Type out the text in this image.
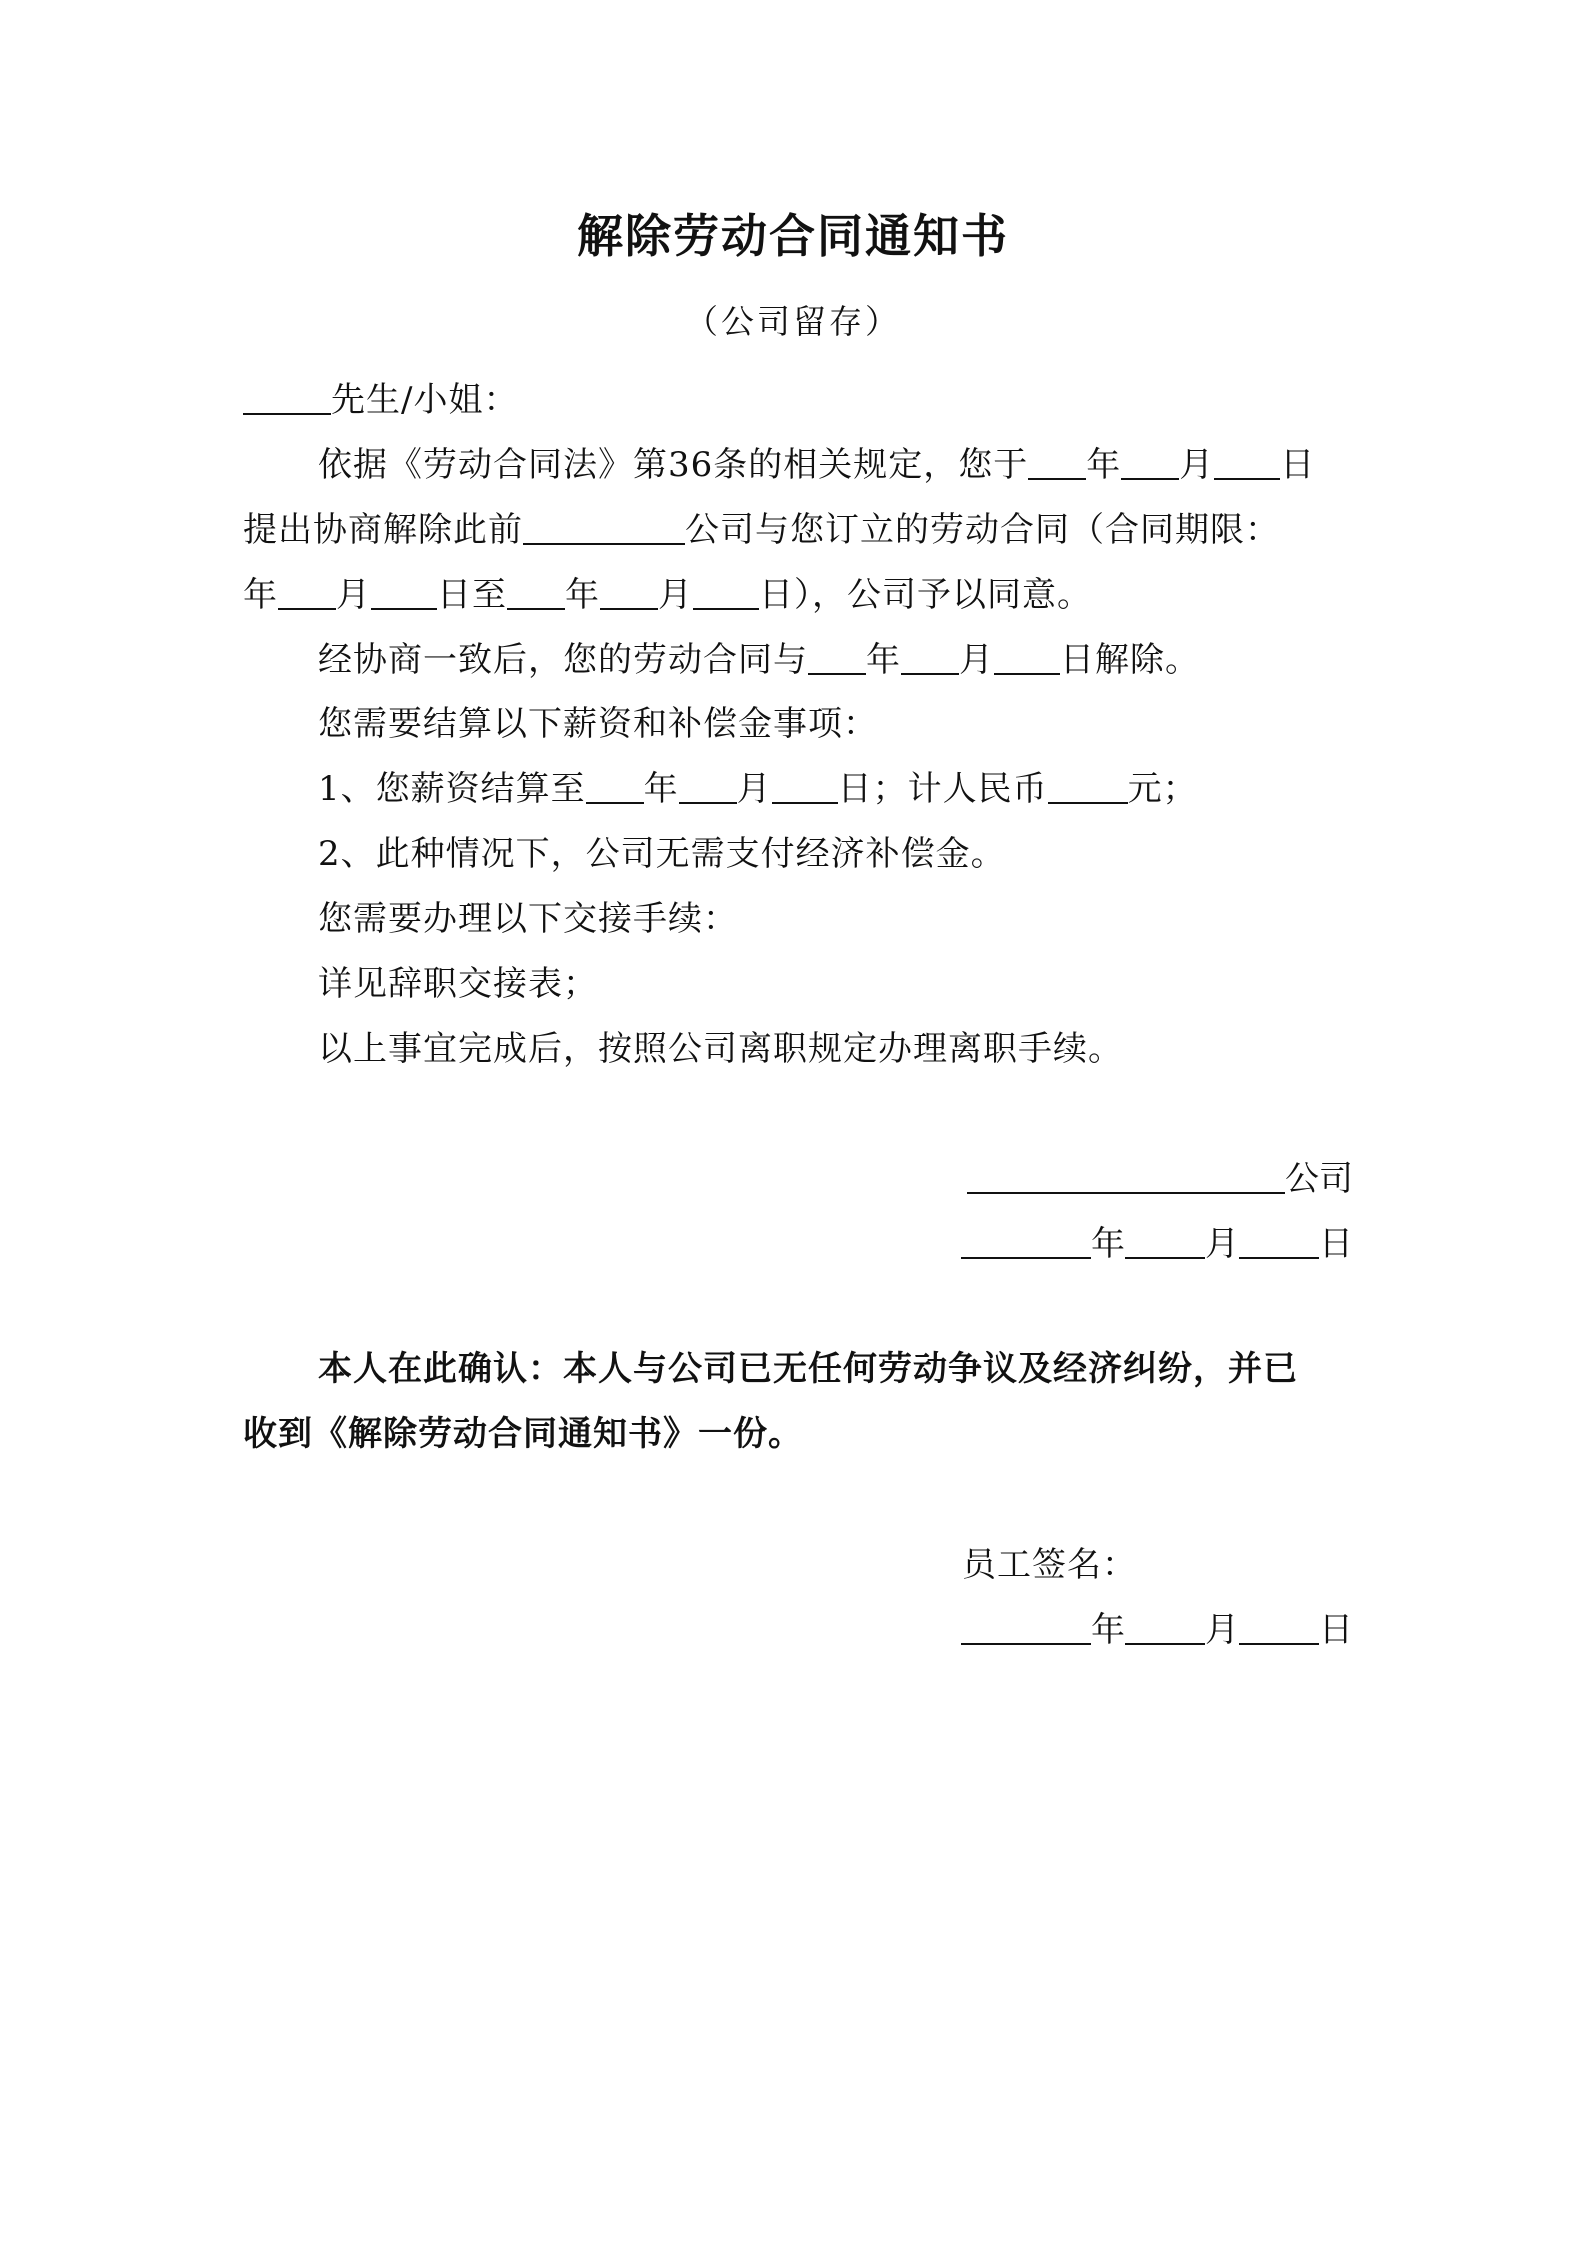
解除劳动合同通知书
（公司留存）
先生/小姐：
依据《劳动合同法》第36条的相关规定，您于 年 月 日
提出协商解除此前	公司与您订立的劳动合同（合同期限：
年 月 日至 年 月 日），公司予以同意。
经协商一致后，您的劳动合同与 年 月 日解除。
您需要结算以下薪资和补偿金事项：
1、您薪资结算至 年 月 日；计人民币 元；
2、此种情况下，公司无需支付经济补偿金。
您需要办理以下交接手续：
详见辞职交接表；
以上事宜完成后，按照公司离职规定办理离职手续。
公司
年 月 日
本人在此确认：本人与公司已无任何劳动争议及经济纠纷，并已
收到《解除劳动合同通知书》一份。
员工签名：
年 月 日
